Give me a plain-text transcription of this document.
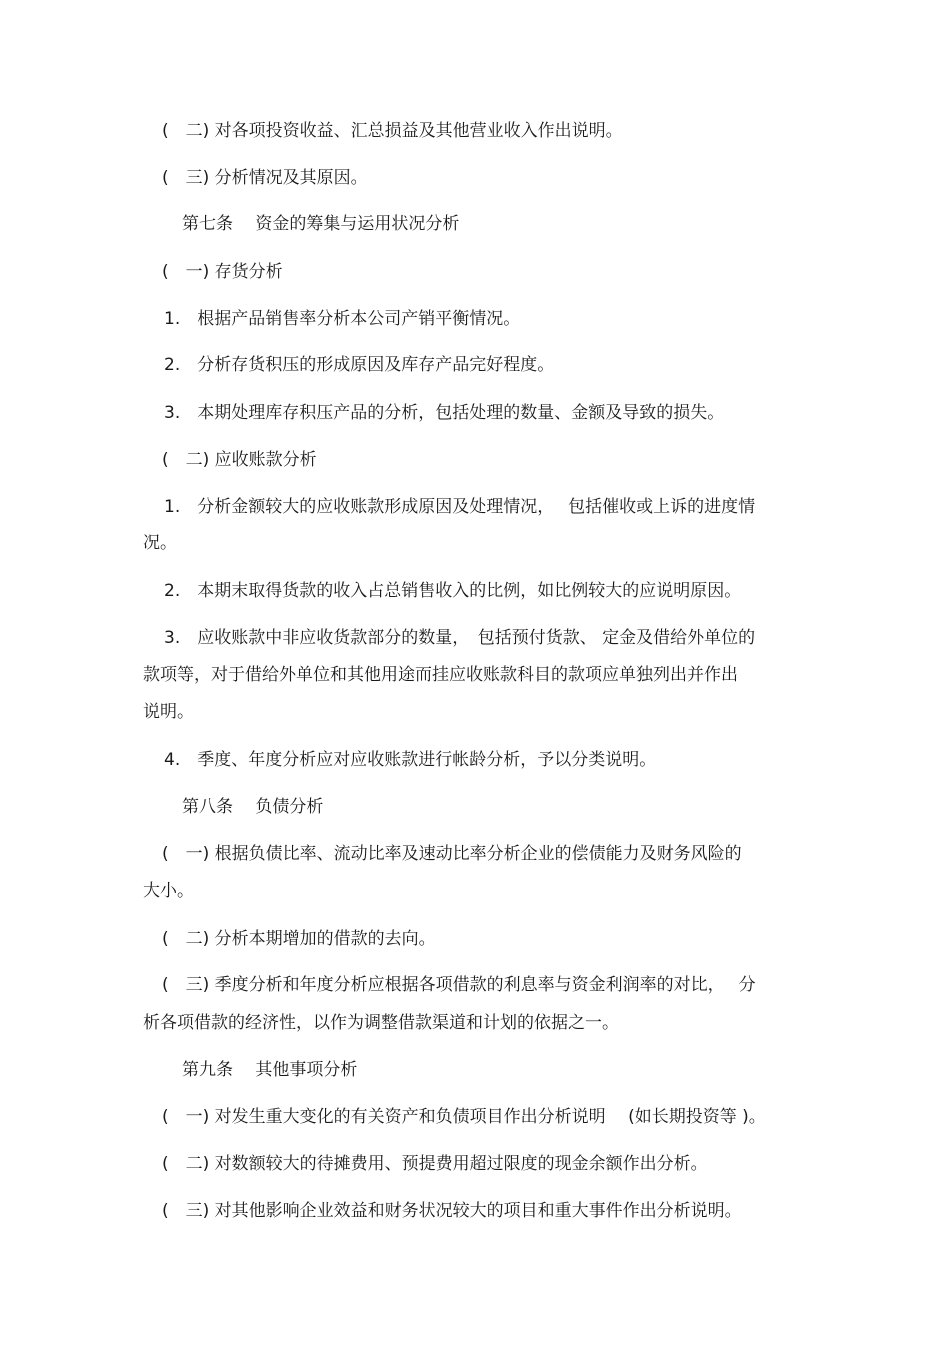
(　二) 对各项投资收益、汇总损益及其他营业收入作出说明。
(　三) 分析情况及其原因。
第七条　 资金的筹集与运用状况分析
(　一) 存货分析
1.　根据产品销售率分析本公司产销平衡情况。
2.　分析存货积压的形成原因及库存产品完好程度。
3.　本期处理库存积压产品的分析，包括处理的数量、金额及导致的损失。
(　二) 应收账款分析
1.　分析金额较大的应收账款形成原因及处理情况，　 包括催收或上诉的进度情
况。
2.　本期末取得货款的收入占总销售收入的比例，如比例较大的应说明原因。
3.　应收账款中非应收货款部分的数量，　包括预付货款、 定金及借给外单位的
款项等，对于借给外单位和其他用途而挂应收账款科目的款项应单独列出并作出
说明。
4.　季度、年度分析应对应收账款进行帐龄分析，予以分类说明。
第八条　 负债分析
(　一) 根据负债比率、流动比率及速动比率分析企业的偿债能力及财务风险的
大小。
(　二) 分析本期增加的借款的去向。
(　三) 季度分析和年度分析应根据各项借款的利息率与资金利润率的对比，　 分
析各项借款的经济性，以作为调整借款渠道和计划的依据之一。
第九条　 其他事项分析
(　一) 对发生重大变化的有关资产和负债项目作出分析说明　 (如长期投资等 )。
(　二) 对数额较大的待摊费用、预提费用超过限度的现金余额作出分析。
(　三) 对其他影响企业效益和财务状况较大的项目和重大事件作出分析说明。
